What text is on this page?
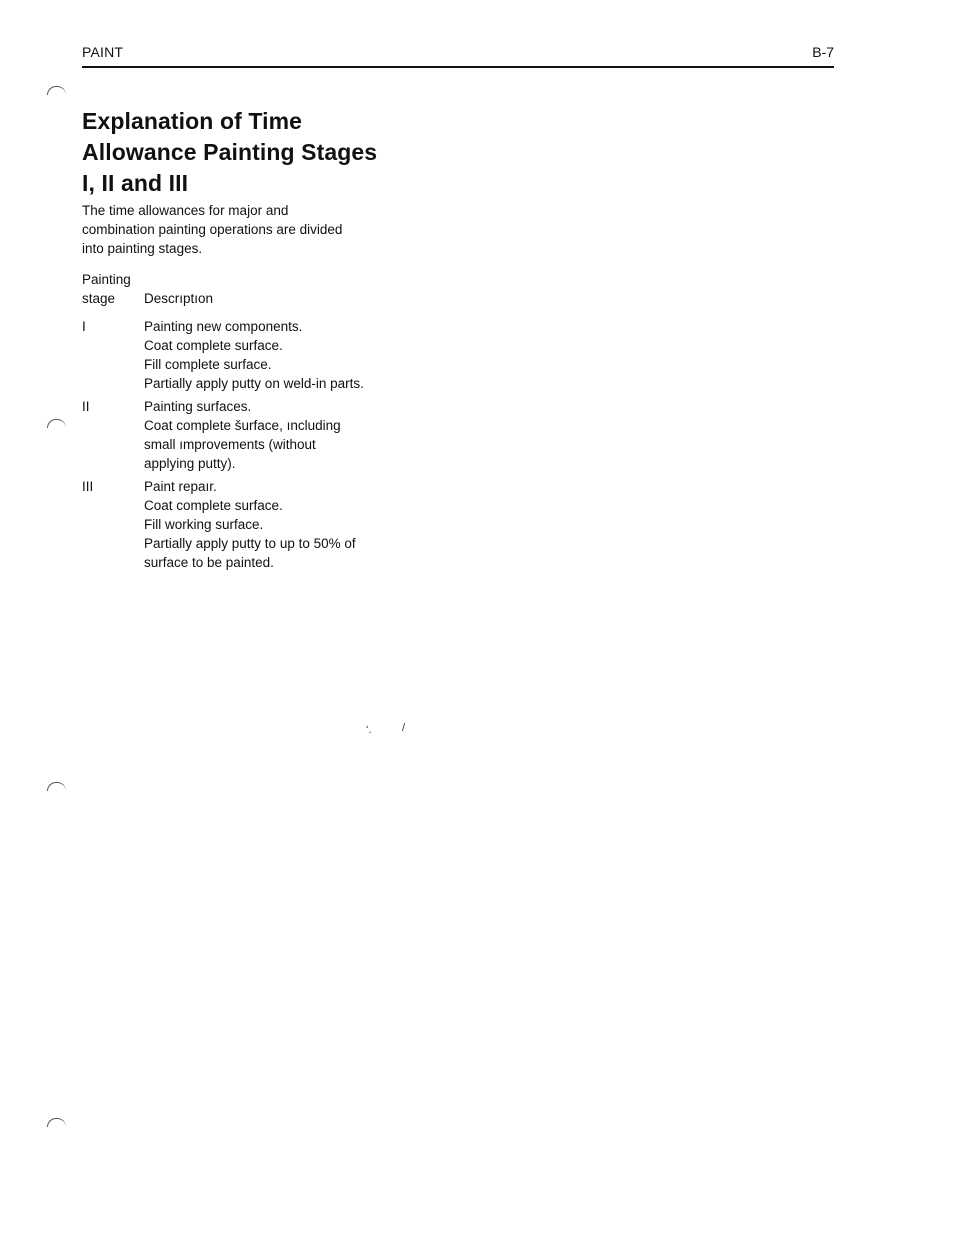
PAINT	B-7
Explanation of Time
Allowance Painting Stages
I, II and III
The time allowances for major and
combination painting operations are divided
into painting stages.
Painting
stage	Descrıptıon
I	Painting new components.
Coat complete surface.
Fill complete surface.
Partially apply putty on weld-in parts.
II	Painting surfaces.
Coat complete šurface, ıncluding
small ımprovements (without
applying putty).
III	Paint repaır.
Coat complete surface.
Fill working surface.
Partially apply putty to up to 50% of
surface to be painted.
‘.	/
